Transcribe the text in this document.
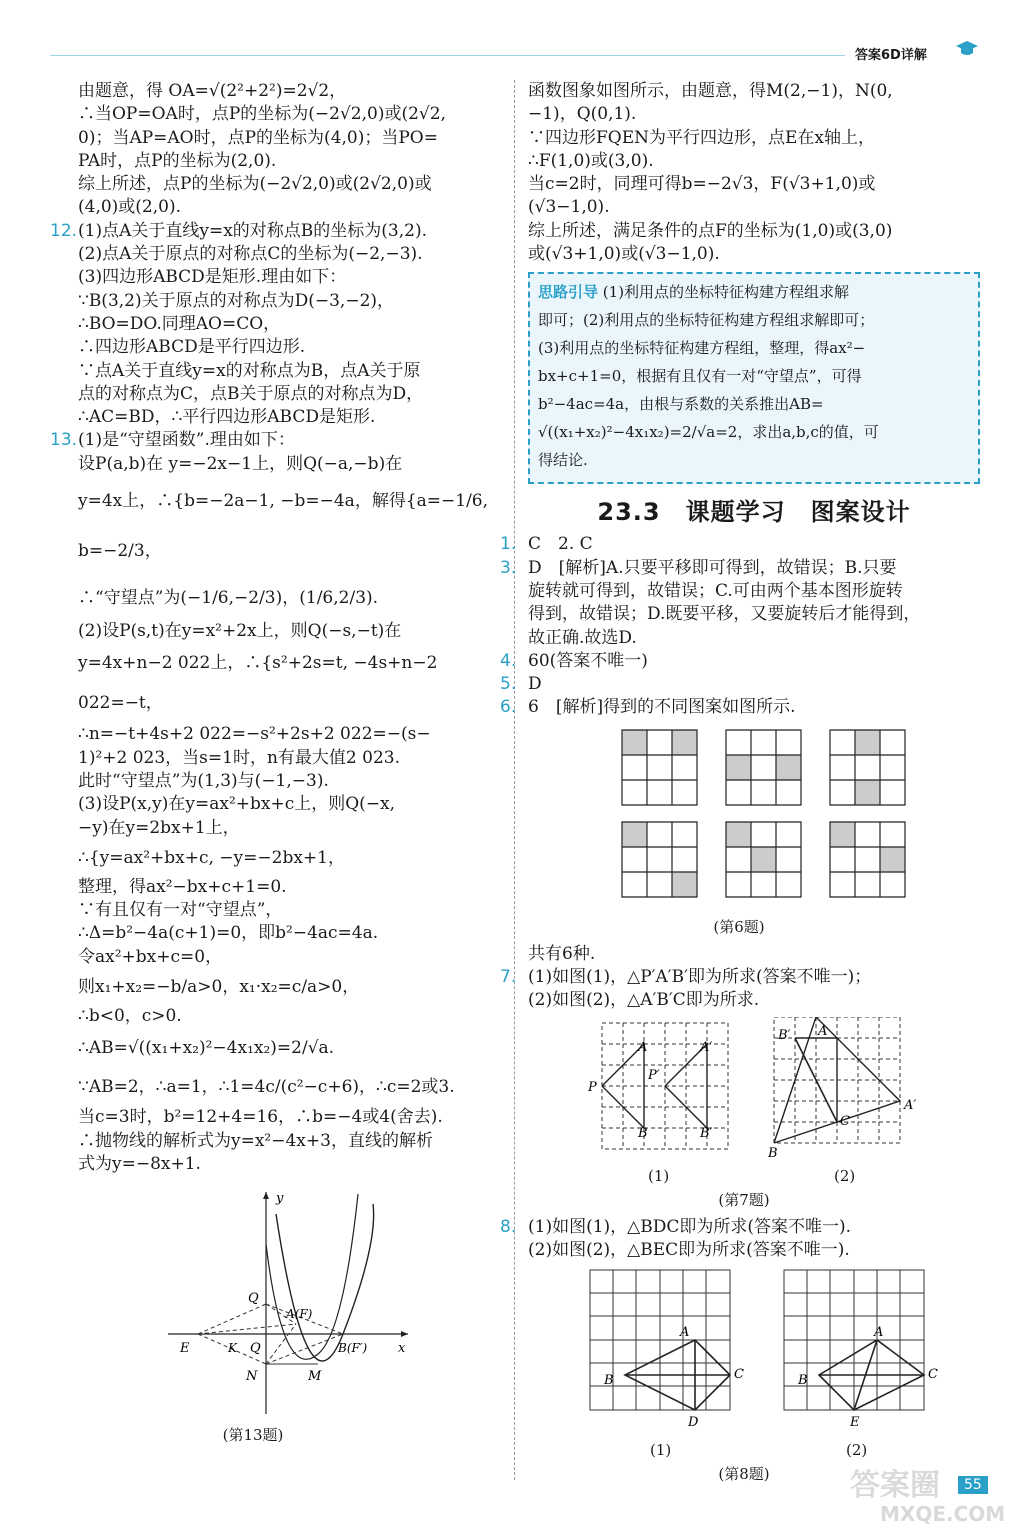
答案6D详解
由题意，得 OA=√(2²+2²)=2√2，
∴当OP=OA时，点P的坐标为(−2√2,0)或(2√2,
0)；当AP=AO时，点P的坐标为(4,0)；当PO=
PA时，点P的坐标为(2,0).
综上所述，点P的坐标为(−2√2,0)或(2√2,0)或
(4,0)或(2,0).
12.(1)点A关于直线y=x的对称点B的坐标为(3,2).
(2)点A关于原点的对称点C的坐标为(−2,−3).
(3)四边形ABCD是矩形.理由如下：
∵B(3,2)关于原点的对称点为D(−3,−2)，
∴BO=DO.同理AO=CO，
∴四边形ABCD是平行四边形.
∵点A关于直线y=x的对称点为B，点A关于原
点的对称点为C，点B关于原点的对称点为D，
∴AC=BD，∴平行四边形ABCD是矩形.
13.(1)是“守望函数”.理由如下：
设P(a,b)在 y=−2x−1上，则Q(−a,−b)在
y=4x上，∴{b=−2a−1, −b=−4a，解得{a=−1/6, b=−2/3，
∴“守望点”为(−1/6,−2/3)，(1/6,2/3).
(2)设P(s,t)在y=x²+2x上，则Q(−s,−t)在
y=4x+n−2 022上，∴{s²+2s=t, −4s+n−2 022=−t，
∴n=−t+4s+2 022=−s²+2s+2 022=−(s−
1)²+2 023，当s=1时，n有最大值2 023.
此时“守望点”为(1,3)与(−1,−3).
(3)设P(x,y)在y=ax²+bx+c上，则Q(−x,
−y)在y=2bx+1上，
∴{y=ax²+bx+c, −y=−2bx+1，
整理，得ax²−bx+c+1=0.
∵有且仅有一对“守望点”，
∴Δ=b²−4a(c+1)=0，即b²−4ac=4a.
令ax²+bx+c=0，
则x₁+x₂=−b/a>0，x₁·x₂=c/a>0，
∴b<0，c>0.
∴AB=√((x₁+x₂)²−4x₁x₂)=2/√a.
∵AB=2，∴a=1，∴1=4c/(c²−c+6)，∴c=2或3.
当c=3时，b²=12+4=16，∴b=−4或4(舍去).
∴抛物线的解析式为y=x²−4x+3，直线的解析
式为y=−8x+1.
y
x
Q
A(F)
E	K Q	B(F′)
N	M
(第13题)
函数图象如图所示，由题意，得M(2,−1)，N(0,
−1)，Q(0,1).
∵四边形FQEN为平行四边形，点E在x轴上，
∴F(1,0)或(3,0).
当c=2时，同理可得b=−2√3，F(√3+1,0)或
(√3−1,0).
综上所述，满足条件的点F的坐标为(1,0)或(3,0)
或(√3+1,0)或(√3−1,0).
思路引导 (1)利用点的坐标特征构建方程组求解
即可；(2)利用点的坐标特征构建方程组求解即可；
(3)利用点的坐标特征构建方程组，整理，得ax²−
bx+c+1=0，根据有且仅有一对“守望点”，可得
b²−4ac=4a，由根与系数的关系推出AB=
√((x₁+x₂)²−4x₁x₂)=2/√a=2，求出a,b,c的值，可
得结论.
23.3　课题学习　图案设计
1. C　2. C
3. D　[解析]A.只要平移即可得到，故错误；B.只要
旋转就可得到，故错误；C.可由两个基本图形旋转
得到，故错误；D.既要平移，又要旋转后才能得到，
故正确.故选D.
4. 60(答案不唯一)
5. D
6. 6　[解析]得到的不同图案如图所示.
(第6题)
共有6种.
7. (1)如图(1)，△P′A′B′即为所求(答案不唯一)；
(2)如图(2)，△A′B′C即为所求.
A	A′
P
P′
B	B′
B′ A
A′
C
B
(1)	(2)
(第7题)
8. (1)如图(1)，△BDC即为所求(答案不唯一).
(2)如图(2)，△BEC即为所求(答案不唯一).
A
B	C
D
A
B	C
E
(1)	(2)
(第8题)	答案圈
MXQE.COM
55
